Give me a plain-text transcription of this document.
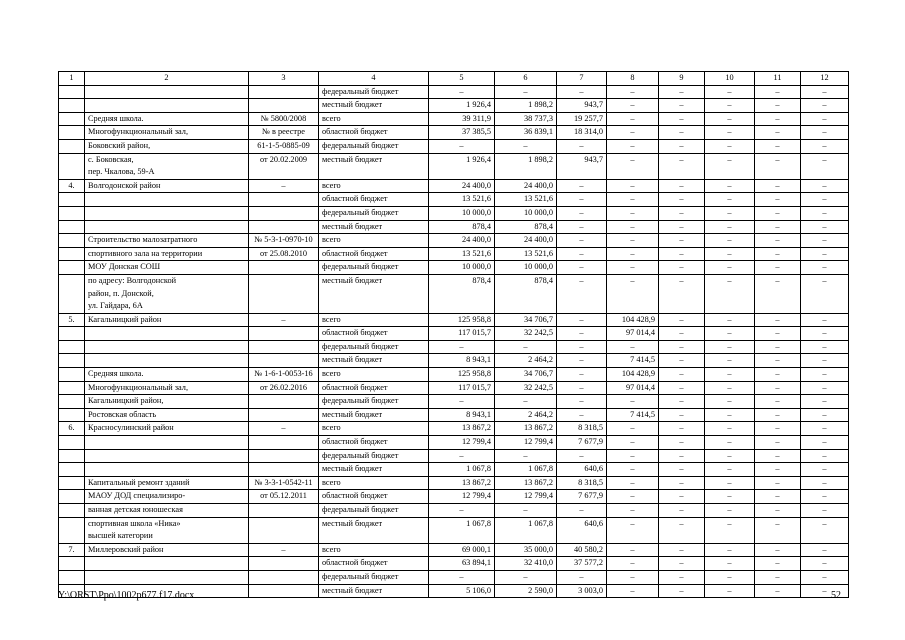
1	2	3	4	5	6	7	8	9	10	11	12
			федеральный бюджет	–	–	–	–	–	–	–	–
			местный бюджет	1 926,4	1 898,2	943,7	–	–	–	–	–
	Средняя школа.	№ 5800/2008	всего	39 311,9	38 737,3	19 257,7	–	–	–	–	–
	Многофункциональный зал,	№ в реестре	областной бюджет	37 385,5	36 839,1	18 314,0	–	–	–	–	–
	Боковский район,	61-1-5-0885-09	федеральный бюджет	–	–	–	–	–	–	–	–
	с. Боковская,
пер. Чкалова, 59-А	от 20.02.2009	местный бюджет	1 926,4	1 898,2	943,7	–	–	–	–	–
4.	Волгодонской район	–	всего	24 400,0	24 400,0	–	–	–	–	–	–
			областной бюджет	13 521,6	13 521,6	–	–	–	–	–	–
			федеральный бюджет	10 000,0	10 000,0	–	–	–	–	–	–
			местный бюджет	878,4	878,4	–	–	–	–	–	–
	Строительство малозатратного	№ 5-3-1-0970-10	всего	24 400,0	24 400,0	–	–	–	–	–	–
	спортивного зала на территории	от 25.08.2010	областной бюджет	13 521,6	13 521,6	–	–	–	–	–	–
	МОУ Донская СОШ		федеральный бюджет	10 000,0	10 000,0	–	–	–	–	–	–
	по адресу: Волгодонской
район, п. Донской,
ул. Гайдара, 6А		местный бюджет	878,4	878,4	–	–	–	–	–	–
5.	Кагальницкий район	–	всего	125 958,8	34 706,7	–	104 428,9	–	–	–	–
			областной бюджет	117 015,7	32 242,5	–	97 014,4	–	–	–	–
			федеральный бюджет	–	–	–	–	–	–	–	–
			местный бюджет	8 943,1	2 464,2	–	7 414,5	–	–	–	–
	Средняя школа.	№ 1-6-1-0053-16	всего	125 958,8	34 706,7	–	104 428,9	–	–	–	–
	Многофункциональный зал,	от 26.02.2016	областной бюджет	117 015,7	32 242,5	–	97 014,4	–	–	–	–
	Кагальницкий район,		федеральный бюджет	–	–	–	–	–	–	–	–
	Ростовская область		местный бюджет	8 943,1	2 464,2	–	7 414,5	–	–	–	–
6.	Красносулинский район	–	всего	13 867,2	13 867,2	8 318,5	–	–	–	–	–
			областной бюджет	12 799,4	12 799,4	7 677,9	–	–	–	–	–
			федеральный бюджет	–	–	–	–	–	–	–	–
			местный бюджет	1 067,8	1 067,8	640,6	–	–	–	–	–
	Капитальный ремонт зданий	№ 3-3-1-0542-11	всего	13 867,2	13 867,2	8 318,5	–	–	–	–	–
	МАОУ ДОД специализиро-	от 05.12.2011	областной бюджет	12 799,4	12 799,4	7 677,9	–	–	–	–	–
	ванная детская юношеская		федеральный бюджет	–	–	–	–	–	–	–	–
	спортивная школа «Ника»
высшей категории		местный бюджет	1 067,8	1 067,8	640,6	–	–	–	–	–
7.	Миллеровский район	–	всего	69 000,1	35 000,0	40 580,2	–	–	–	–	–
			областной бюджет	63 894,1	32 410,0	37 577,2	–	–	–	–	–
			федеральный бюджет	–	–	–	–	–	–	–	–
			местный бюджет	5 106,0	2 590,0	3 003,0	–	–	–	–	–
Y:\ORST\Ppo\1002p677.f17.docx	52
